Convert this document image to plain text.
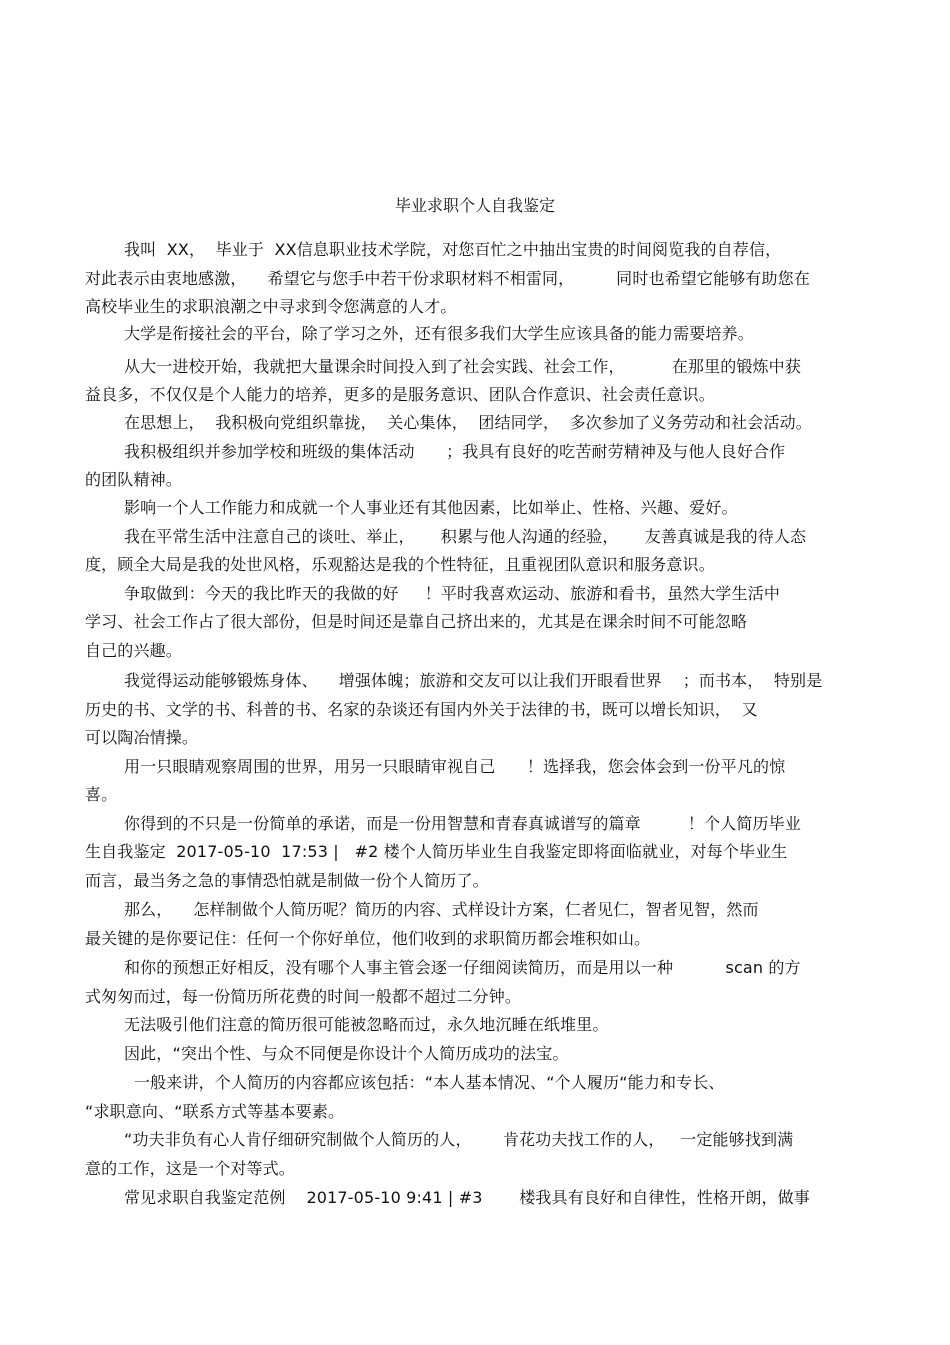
毕业求职个人自我鉴定
我叫  XX，  毕业于  XX信息职业技术学院，对您百忙之中抽出宝贵的时间阅览我的自荐信，
对此表示由衷地感激，    希望它与您手中若干份求职材料不相雷同，        同时也希望它能够有助您在
高校毕业生的求职浪潮之中寻求到令您满意的人才。
大学是衔接社会的平台，除了学习之外，还有很多我们大学生应该具备的能力需要培养。
从大一进校开始，我就把大量课余时间投入到了社会实践、社会工作，         在那里的锻炼中获
益良多，不仅仅是个人能力的培养，更多的是服务意识、团队合作意识、社会责任意识。
在思想上，  我积极向党组织靠拢，  关心集体，  团结同学，  多次参加了义务劳动和社会活动。
我积极组织并参加学校和班级的集体活动      ；我具有良好的吃苦耐劳精神及与他人良好合作
的团队精神。
影响一个人工作能力和成就一个人事业还有其他因素，比如举止、性格、兴趣、爱好。
我在平常生活中注意自己的谈吐、举止，     积累与他人沟通的经验，     友善真诚是我的待人态
度，顾全大局是我的处世风格，乐观豁达是我的个性特征，且重视团队意识和服务意识。
争取做到：今天的我比昨天的我做的好     ！平时我喜欢运动、旅游和看书，虽然大学生活中
学习、社会工作占了很大部份，但是时间还是靠自己挤出来的，尤其是在课余时间不可能忽略
自己的兴趣。
我觉得运动能够锻炼身体、    增强体魄；旅游和交友可以让我们开眼看世界    ；而书本，  特别是
历史的书、文学的书、科普的书、名家的杂谈还有国内外关于法律的书，既可以增长知识，  又
可以陶冶情操。
用一只眼睛观察周围的世界，用另一只眼睛审视自己      ！选择我，您会体会到一份平凡的惊
喜。
你得到的不只是一份简单的承诺，而是一份用智慧和青春真诚谱写的篇章         ！个人简历毕业
生自我鉴定  2017-05-10  17:53 |   #2 楼个人简历毕业生自我鉴定即将面临就业，对每个毕业生
而言，最当务之急的事情恐怕就是制做一份个人简历了。
那么，    怎样制做个人简历呢？简历的内容、式样设计方案，仁者见仁，智者见智，然而
最关键的是你要记住：任何一个你好单位，他们收到的求职简历都会堆积如山。
和你的预想正好相反，没有哪个人事主管会逐一仔细阅读简历，而是用以一种          scan 的方
式匆匆而过，每一份简历所花费的时间一般都不超过二分钟。
无法吸引他们注意的简历很可能被忽略而过，永久地沉睡在纸堆里。
因此，“突出个性、与众不同便是你设计个人简历成功的法宝。
一般来讲，个人简历的内容都应该包括：“本人基本情况、“个人履历“能力和专长、
“求职意向、“联系方式等基本要素。
“功夫非负有心人肯仔细研究制做个人简历的人，      肯花功夫找工作的人，   一定能够找到满
意的工作，这是一个对等式。
常见求职自我鉴定范例    2017-05-10 9:41 | #3       楼我具有良好和自律性，性格开朗，做事
